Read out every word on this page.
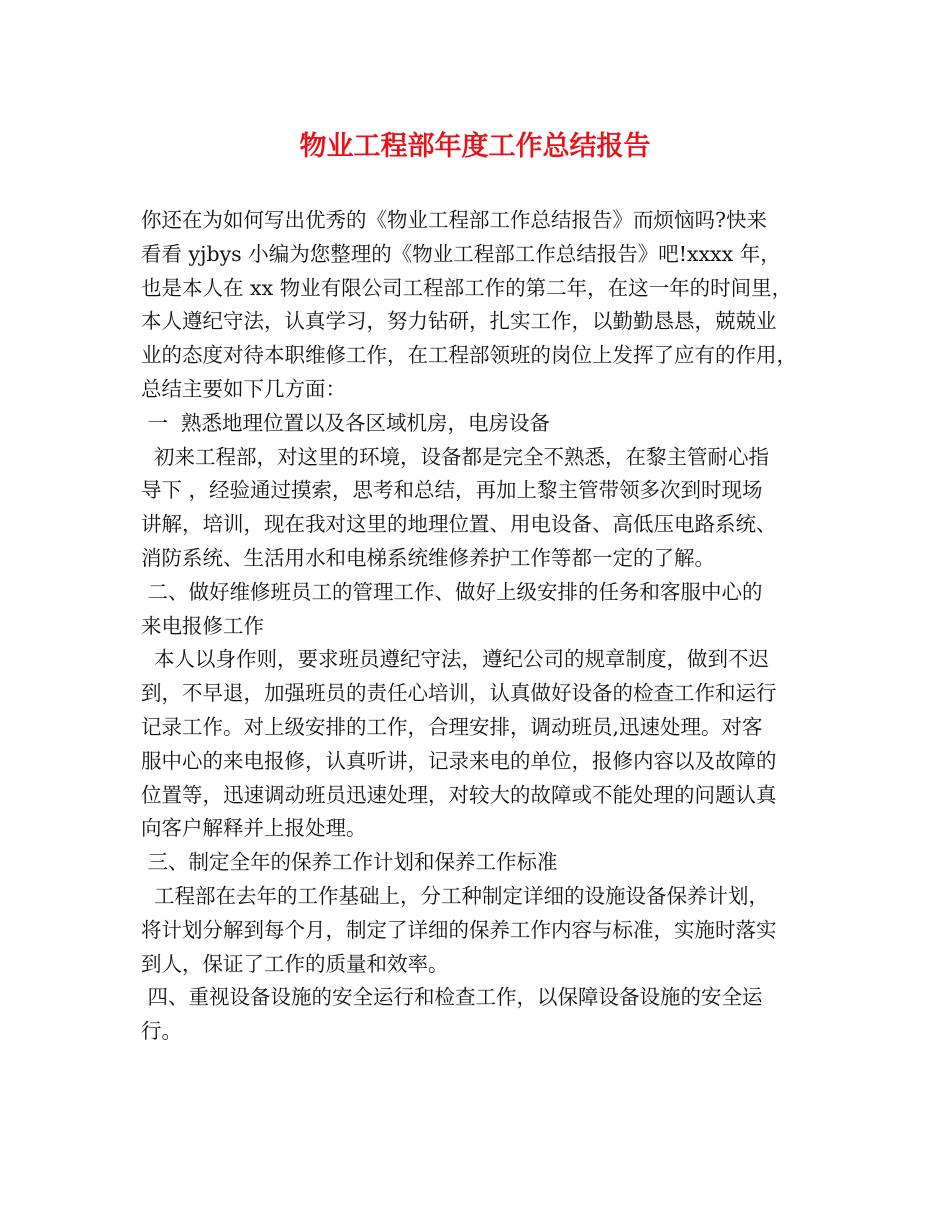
物业工程部年度工作总结报告
你还在为如何写出优秀的《物业工程部工作总结报告》而烦恼吗?快来
看看 yjbys 小编为您整理的《物业工程部工作总结报告》吧!xxxx 年，
也是本人在 xx 物业有限公司工程部工作的第二年，在这一年的时间里，
本人遵纪守法，认真学习，努力钻研，扎实工作，以勤勤恳恳，兢兢业
业的态度对待本职维修工作，在工程部领班的岗位上发挥了应有的作用，
总结主要如下几方面：
一  熟悉地理位置以及各区域机房，电房设备
初来工程部，对这里的环境，设备都是完全不熟悉，在黎主管耐心指
导下 ，经验通过摸索，思考和总结，再加上黎主管带领多次到时现场
讲解，培训，现在我对这里的地理位置、用电设备、高低压电路系统、
消防系统、生活用水和电梯系统维修养护工作等都一定的了解。
二、做好维修班员工的管理工作、做好上级安排的任务和客服中心的
来电报修工作
本人以身作则，要求班员遵纪守法，遵纪公司的规章制度，做到不迟
到，不早退，加强班员的责任心培训，认真做好设备的检查工作和运行
记录工作。对上级安排的工作，合理安排，调动班员,迅速处理。对客
服中心的来电报修，认真听讲，记录来电的单位，报修内容以及故障的
位置等，迅速调动班员迅速处理，对较大的故障或不能处理的问题认真
向客户解释并上报处理。
三、制定全年的保养工作计划和保养工作标准
工程部在去年的工作基础上，分工种制定详细的设施设备保养计划，
将计划分解到每个月，制定了详细的保养工作内容与标准，实施时落实
到人，保证了工作的质量和效率。
四、重视设备设施的安全运行和检查工作，以保障设备设施的安全运
行。
